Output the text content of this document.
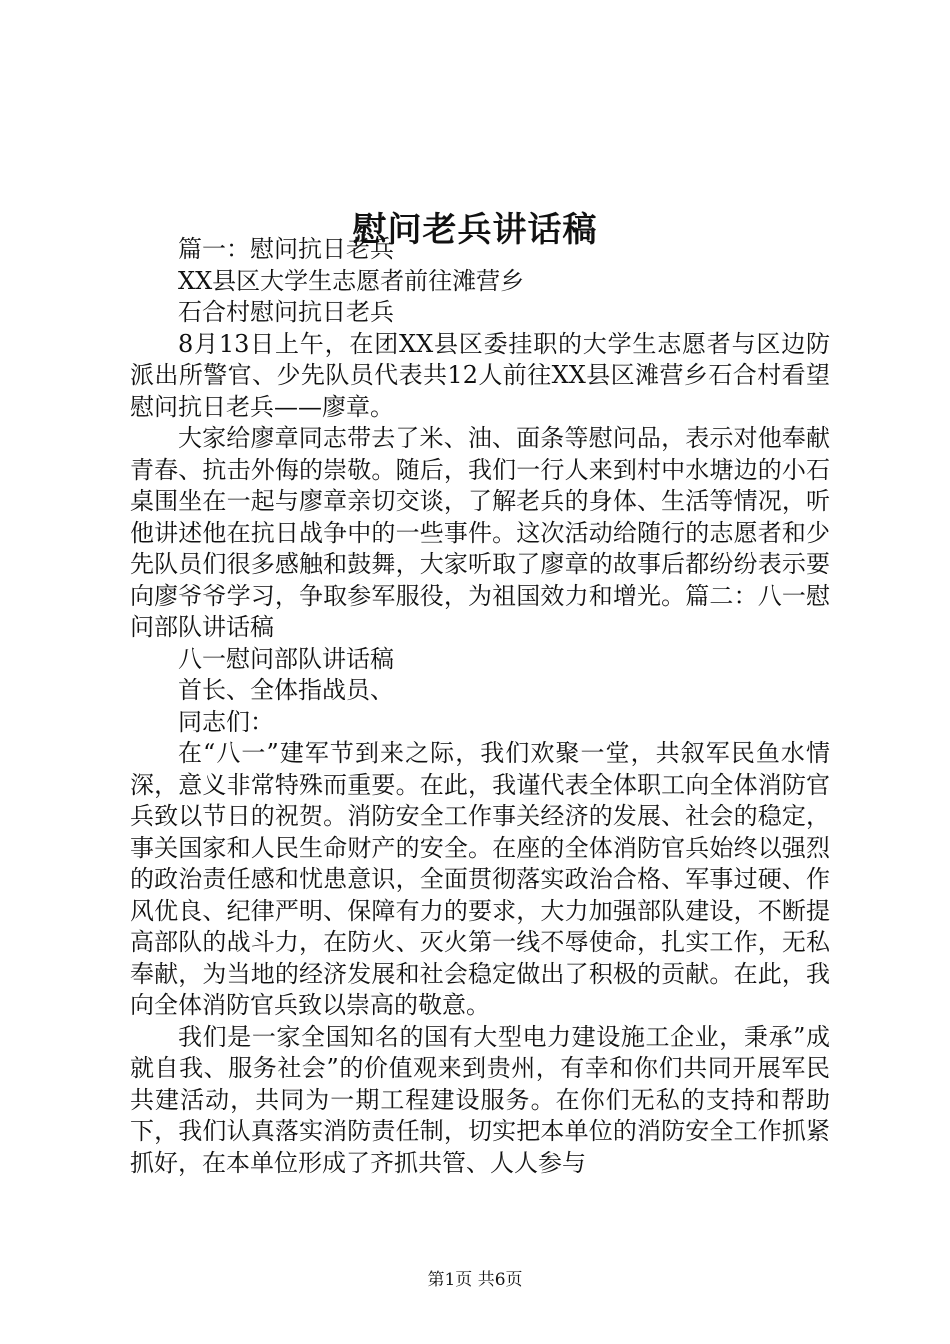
慰问老兵讲话稿

篇一：慰问抗日老兵

XX县区大学生志愿者前往滩营乡

石合村慰问抗日老兵

8月13日上午，在团XX县区委挂职的大学生志愿者与区边防派出所警官、少先队员代表共12人前往XX县区滩营乡石合村看望慰问抗日老兵——廖章。

大家给廖章同志带去了米、油、面条等慰问品，表示对他奉献青春、抗击外侮的崇敬。随后，我们一行人来到村中水塘边的小石桌围坐在一起与廖章亲切交谈，了解老兵的身体、生活等情况，听他讲述他在抗日战争中的一些事件。这次活动给随行的志愿者和少先队员们很多感触和鼓舞，大家听取了廖章的故事后都纷纷表示要向廖爷爷学习，争取参军服役，为祖国效力和增光。篇二：八一慰问部队讲话稿

八一慰问部队讲话稿

首长、全体指战员、

同志们：

在“八一”建军节到来之际，我们欢聚一堂，共叙军民鱼水情深，意义非常特殊而重要。在此，我谨代表全体职工向全体消防官兵致以节日的祝贺。消防安全工作事关经济的发展、社会的稳定，事关国家和人民生命财产的安全。在座的全体消防官兵始终以强烈的政治责任感和忧患意识，全面贯彻落实政治合格、军事过硬、作风优良、纪律严明、保障有力的要求，大力加强部队建设，不断提高部队的战斗力，在防火、灭火第一线不辱使命，扎实工作，无私奉献，为当地的经济发展和社会稳定做出了积极的贡献。在此，我向全体消防官兵致以崇高的敬意。

我们是一家全国知名的国有大型电力建设施工企业，秉承”成就自我、服务社会”的价值观来到贵州，有幸和你们共同开展军民共建活动，共同为一期工程建设服务。在你们无私的支持和帮助下，我们认真落实消防责任制，切实把本单位的消防安全工作抓紧抓好，在本单位形成了齐抓共管、人人参与

第1页 共6页
